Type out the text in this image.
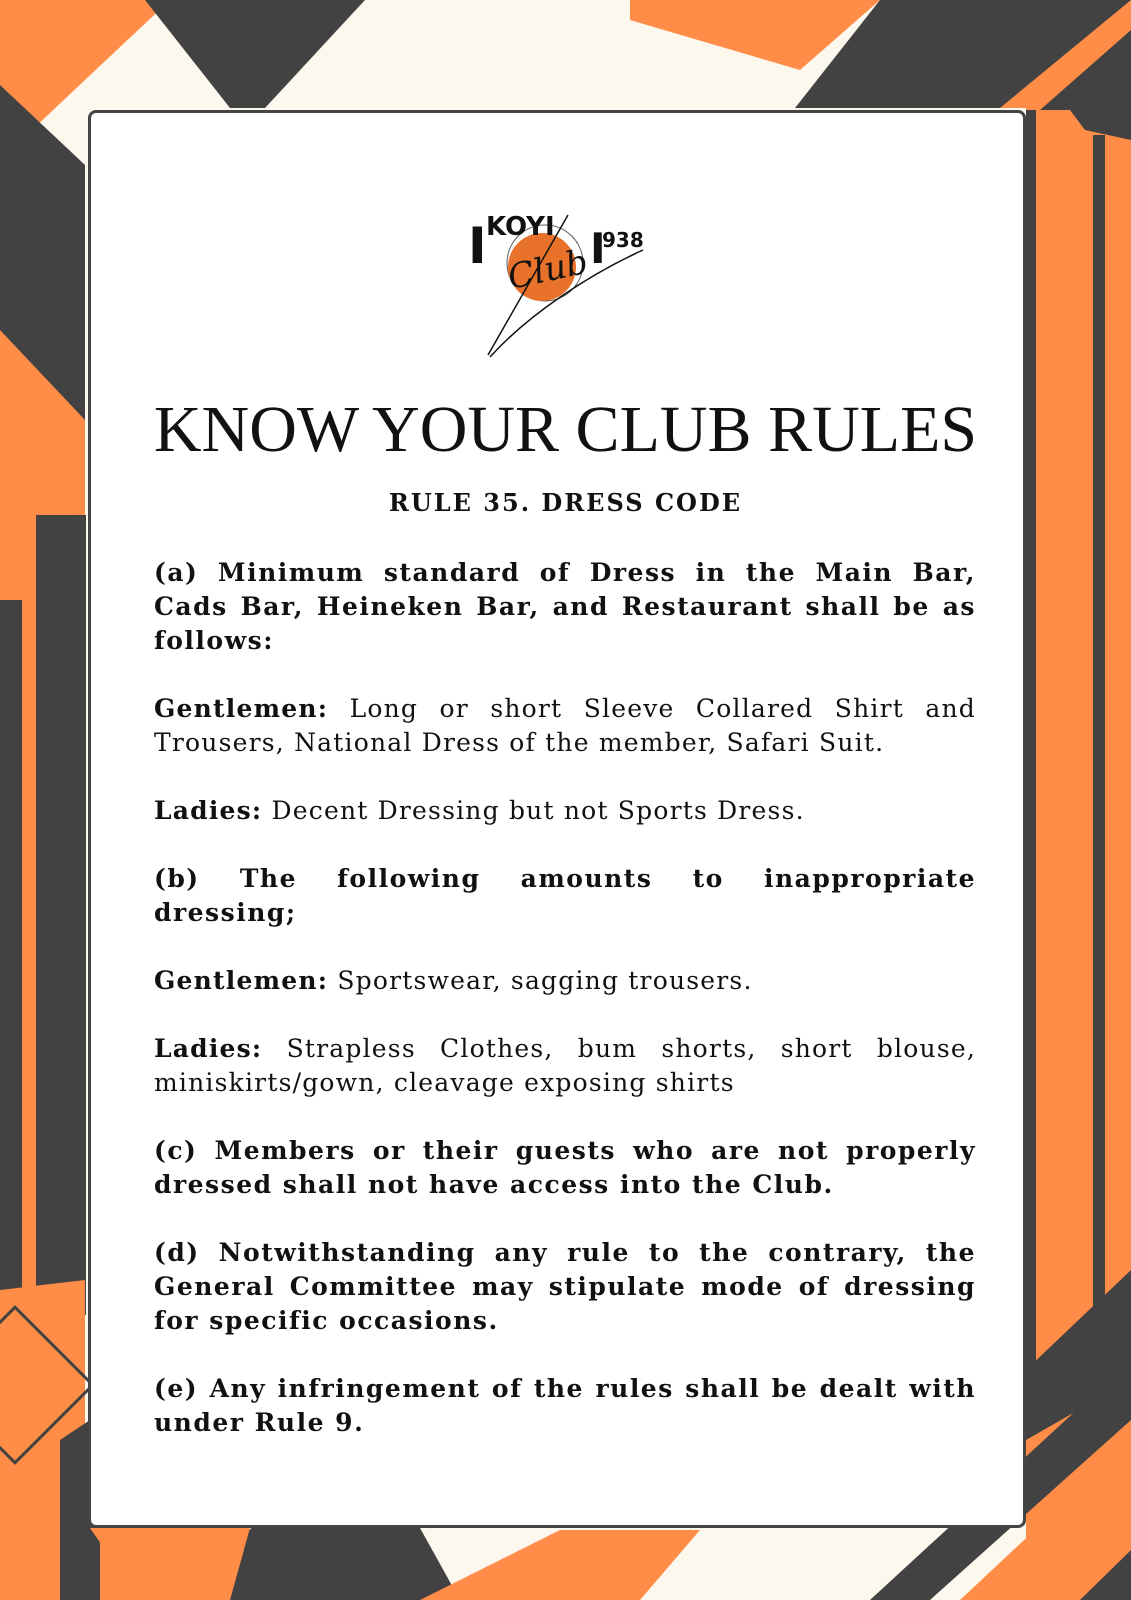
I KOYI
Club
I
938
KNOW YOUR CLUB RULES
RULE 35. DRESS CODE

(a) Minimum standard of Dress in the Main Bar, Cads Bar, Heineken Bar, and Restaurant shall be as follows:

Gentlemen: Long or short Sleeve Collared Shirt and Trousers, National Dress of the member, Safari Suit.

Ladies: Decent Dressing but not Sports Dress.

(b) The following amounts to inappropriate dressing;

Gentlemen: Sportswear, sagging trousers.

Ladies: Strapless Clothes, bum shorts, short blouse, miniskirts/gown, cleavage exposing shirts

(c) Members or their guests who are not properly dressed shall not have access into the Club.

(d) Notwithstanding any rule to the contrary, the General Committee may stipulate mode of dressing for specific occasions.

(e) Any infringement of the rules shall be dealt with under Rule 9.
